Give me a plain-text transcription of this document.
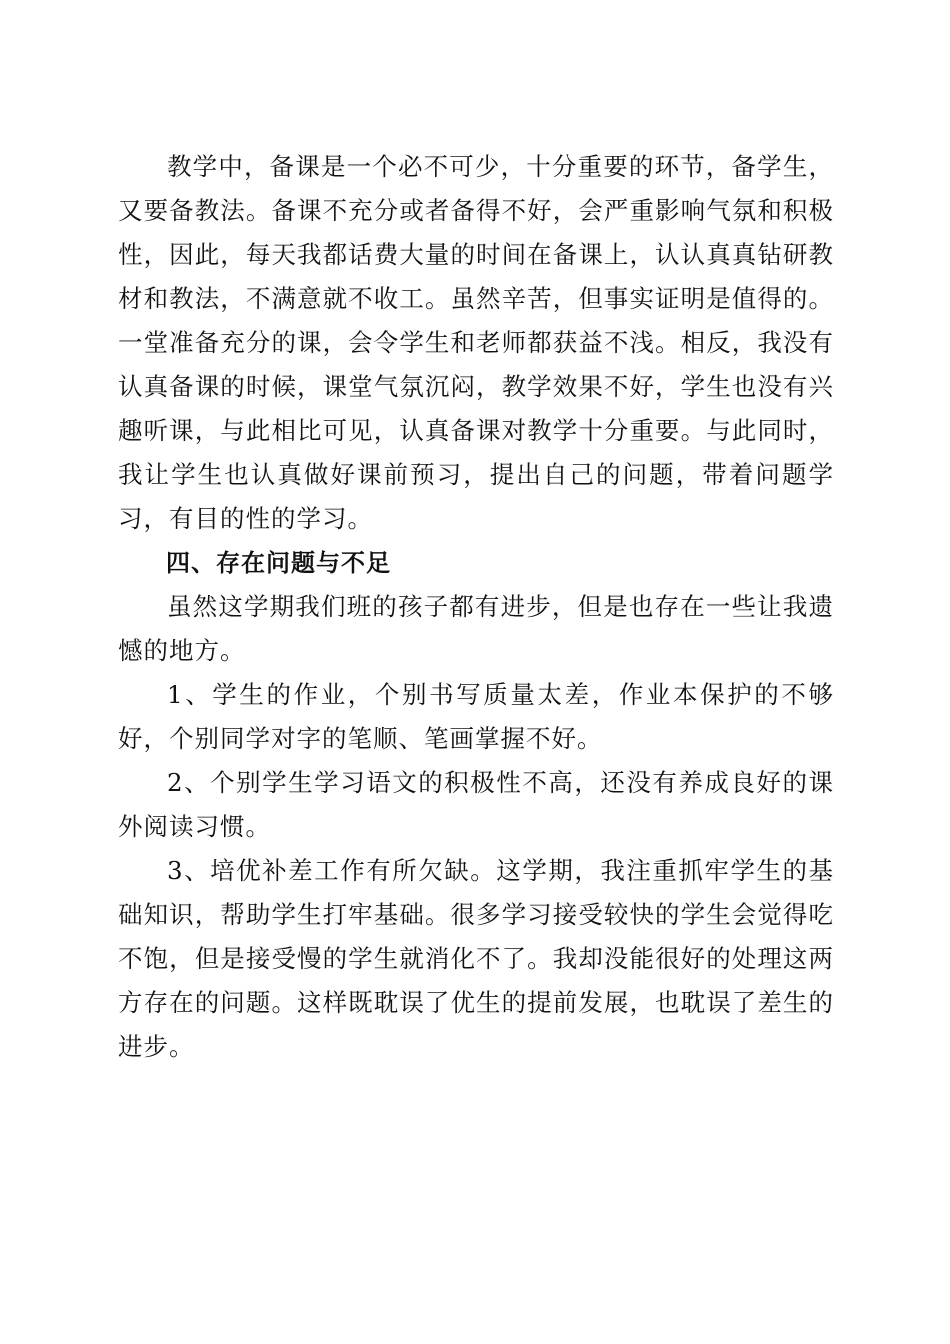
教学中，备课是一个必不可少，十分重要的环节，备学生，又要备教法。备课不充分或者备得不好，会严重影响气氛和积极性，因此，每天我都话费大量的时间在备课上，认认真真钻研教材和教法，不满意就不收工。虽然辛苦，但事实证明是值得的。一堂准备充分的课，会令学生和老师都获益不浅。相反，我没有认真备课的时候，课堂气氛沉闷，教学效果不好，学生也没有兴趣听课，与此相比可见，认真备课对教学十分重要。与此同时，我让学生也认真做好课前预习，提出自己的问题，带着问题学习，有目的性的学习。

四、存在问题与不足

虽然这学期我们班的孩子都有进步，但是也存在一些让我遗憾的地方。

1、学生的作业，个别书写质量太差，作业本保护的不够好，个别同学对字的笔顺、笔画掌握不好。

2、个别学生学习语文的积极性不高，还没有养成良好的课外阅读习惯。

3、培优补差工作有所欠缺。这学期，我注重抓牢学生的基础知识，帮助学生打牢基础。很多学习接受较快的学生会觉得吃不饱，但是接受慢的学生就消化不了。我却没能很好的处理这两方存在的问题。这样既耽误了优生的提前发展，也耽误了差生的进步。
